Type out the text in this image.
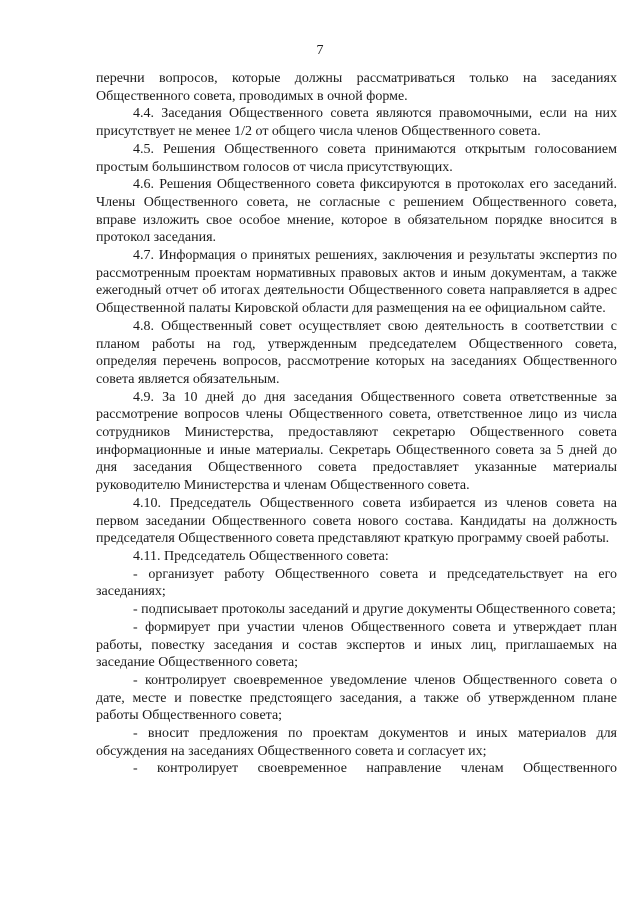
7

перечни вопросов, которые должны рассматриваться только на заседаниях Общественного совета, проводимых в очной форме.

4.4. Заседания Общественного совета являются правомочными, если на них присутствует не менее 1/2 от общего числа членов Общественного совета.

4.5. Решения Общественного совета принимаются открытым голосованием простым большинством голосов от числа присутствующих.

4.6. Решения Общественного совета фиксируются в протоколах его заседаний. Члены Общественного совета, не согласные с решением Общественного совета, вправе изложить свое особое мнение, которое в обязательном порядке вносится в протокол заседания.

4.7. Информация о принятых решениях, заключения и результаты экспертиз по рассмотренным проектам нормативных правовых актов и иным документам, а также ежегодный отчет об итогах деятельности Общественного совета направляется в адрес Общественной палаты Кировской области для размещения на ее официальном сайте.

4.8. Общественный совет осуществляет свою деятельность в соответствии с планом работы на год, утвержденным председателем Общественного совета, определяя перечень вопросов, рассмотрение которых на заседаниях Общественного совета является обязательным.

4.9. За 10 дней до дня заседания Общественного совета ответственные за рассмотрение вопросов члены Общественного совета, ответственное лицо из числа сотрудников Министерства, предоставляют секретарю Общественного совета информационные и иные материалы. Секретарь Общественного совета за 5 дней до дня заседания Общественного совета предоставляет указанные материалы руководителю Министерства и членам Общественного совета.

4.10. Председатель Общественного совета избирается из членов совета на первом заседании Общественного совета нового состава. Кандидаты на должность председателя Общественного совета представляют краткую программу своей работы.

4.11. Председатель Общественного совета:

- организует работу Общественного совета и председательствует на его заседаниях;

- подписывает протоколы заседаний и другие документы Общественного совета;

- формирует при участии членов Общественного совета и утверждает план работы, повестку заседания и состав экспертов и иных лиц, приглашаемых на заседание Общественного совета;

- контролирует своевременное уведомление членов Общественного совета о дате, месте и повестке предстоящего заседания, а также об утвержденном плане работы Общественного совета;

- вносит предложения по проектам документов и иных материалов для обсуждения на заседаниях Общественного совета и согласует их;

- контролирует своевременное направление членам Общественного
